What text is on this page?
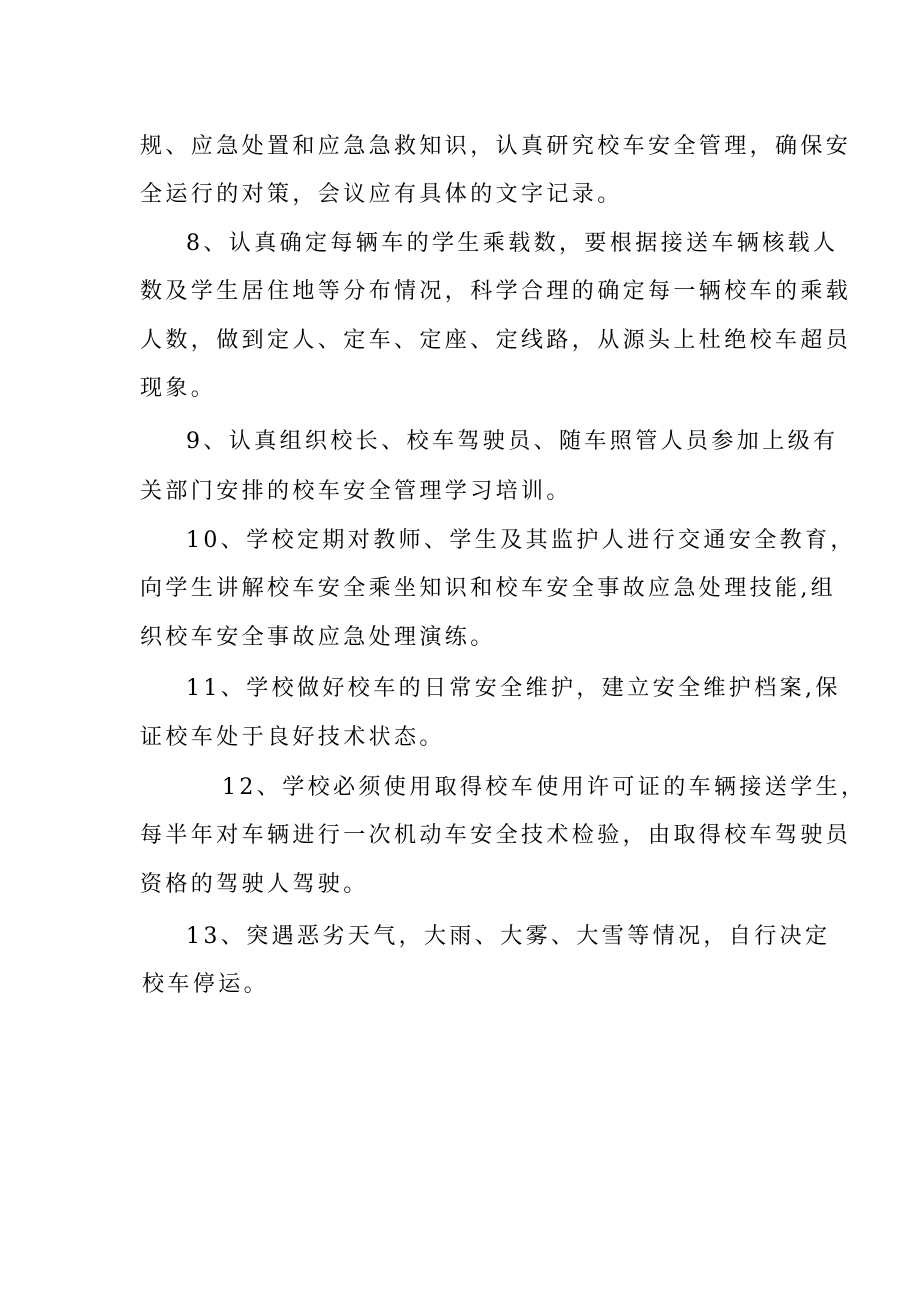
规、应急处置和应急急救知识，认真研究校车安全管理，确保安
全运行的对策，会议应有具体的文字记录。
8、认真确定每辆车的学生乘载数，要根据接送车辆核载人
数及学生居住地等分布情况，科学合理的确定每一辆校车的乘载
人数，做到定人、定车、定座、定线路，从源头上杜绝校车超员
现象。
9、认真组织校长、校车驾驶员、随车照管人员参加上级有
关部门安排的校车安全管理学习培训。
10、学校定期对教师、学生及其监护人进行交通安全教育，
向学生讲解校车安全乘坐知识和校车安全事故应急处理技能,组
织校车安全事故应急处理演练。
11、学校做好校车的日常安全维护，建立安全维护档案,保
证校车处于良好技术状态。
12、学校必须使用取得校车使用许可证的车辆接送学生，
每半年对车辆进行一次机动车安全技术检验，由取得校车驾驶员
资格的驾驶人驾驶。
13、突遇恶劣天气，大雨、大雾、大雪等情况，自行决定
校车停运。
